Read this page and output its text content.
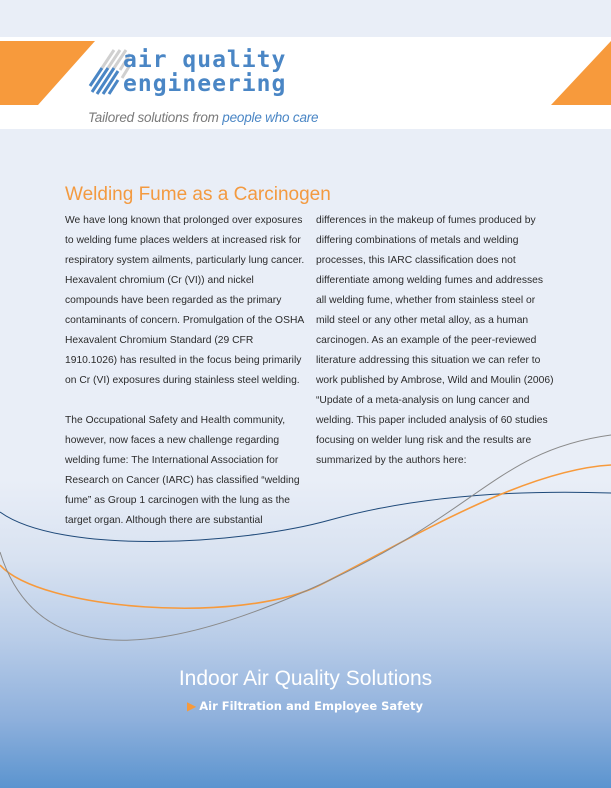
air quality
engineering
Tailored solutions from people who care
Welding Fume as a Carcinogen

We have long known that prolonged over exposures to welding fume places welders at increased risk for respiratory system ailments, particularly lung cancer. Hexavalent chromium (Cr (VI)) and nickel compounds have been regarded as the primary contaminants of concern. Promulgation of the OSHA Hexavalent Chromium Standard (29 CFR 1910.1026) has resulted in the focus being primarily on Cr (VI) exposures during stainless steel welding.

The Occupational Safety and Health community, however, now faces a new challenge regarding welding fume: The International Association for Research on Cancer (IARC) has classified “welding fume” as Group 1 carcinogen with the lung as the target organ. Although there are substantial

differences in the makeup of fumes produced by differing combinations of metals and welding processes, this IARC classification does not differentiate among welding fumes and addresses all welding fume, whether from stainless steel or mild steel or any other metal alloy, as a human carcinogen. As an example of the peer-reviewed literature addressing this situation we can refer to work published by Ambrose, Wild and Moulin (2006) “Update of a meta-analysis on lung cancer and welding. This paper included analysis of 60 studies focusing on welder lung risk and the results are summarized by the authors here:

Indoor Air Quality Solutions
▶ Air Filtration and Employee Safety
